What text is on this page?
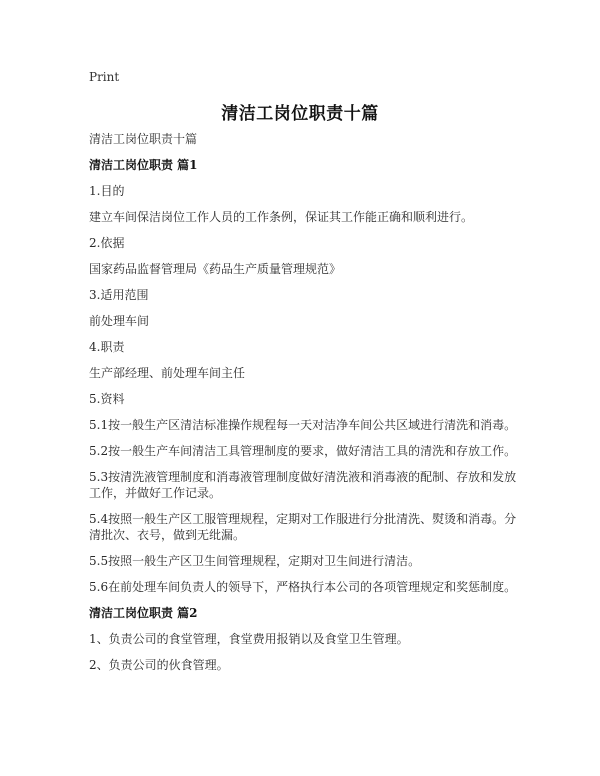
Print
清洁工岗位职责十篇

清洁工岗位职责十篇

清洁工岗位职责 篇1

1.目的

建立车间保洁岗位工作人员的工作条例，保证其工作能正确和顺利进行。

2.依据

国家药品监督管理局《药品生产质量管理规范》

3.适用范围

前处理车间

4.职责

生产部经理、前处理车间主任

5.资料

5.1按一般生产区清洁标准操作规程每一天对洁净车间公共区域进行清洗和消毒。

5.2按一般生产车间清洁工具管理制度的要求，做好清洁工具的清洗和存放工作。

5.3按清洗液管理制度和消毒液管理制度做好清洗液和消毒液的配制、存放和发放工作，并做好工作记录。

5.4按照一般生产区工服管理规程，定期对工作服进行分批清洗、熨烫和消毒。分清批次、衣号，做到无纰漏。

5.5按照一般生产区卫生间管理规程，定期对卫生间进行清洁。

5.6在前处理车间负责人的领导下，严格执行本公司的各项管理规定和奖惩制度。

清洁工岗位职责 篇2

1、负责公司的食堂管理，食堂费用报销以及食堂卫生管理。

2、负责公司的伙食管理。
